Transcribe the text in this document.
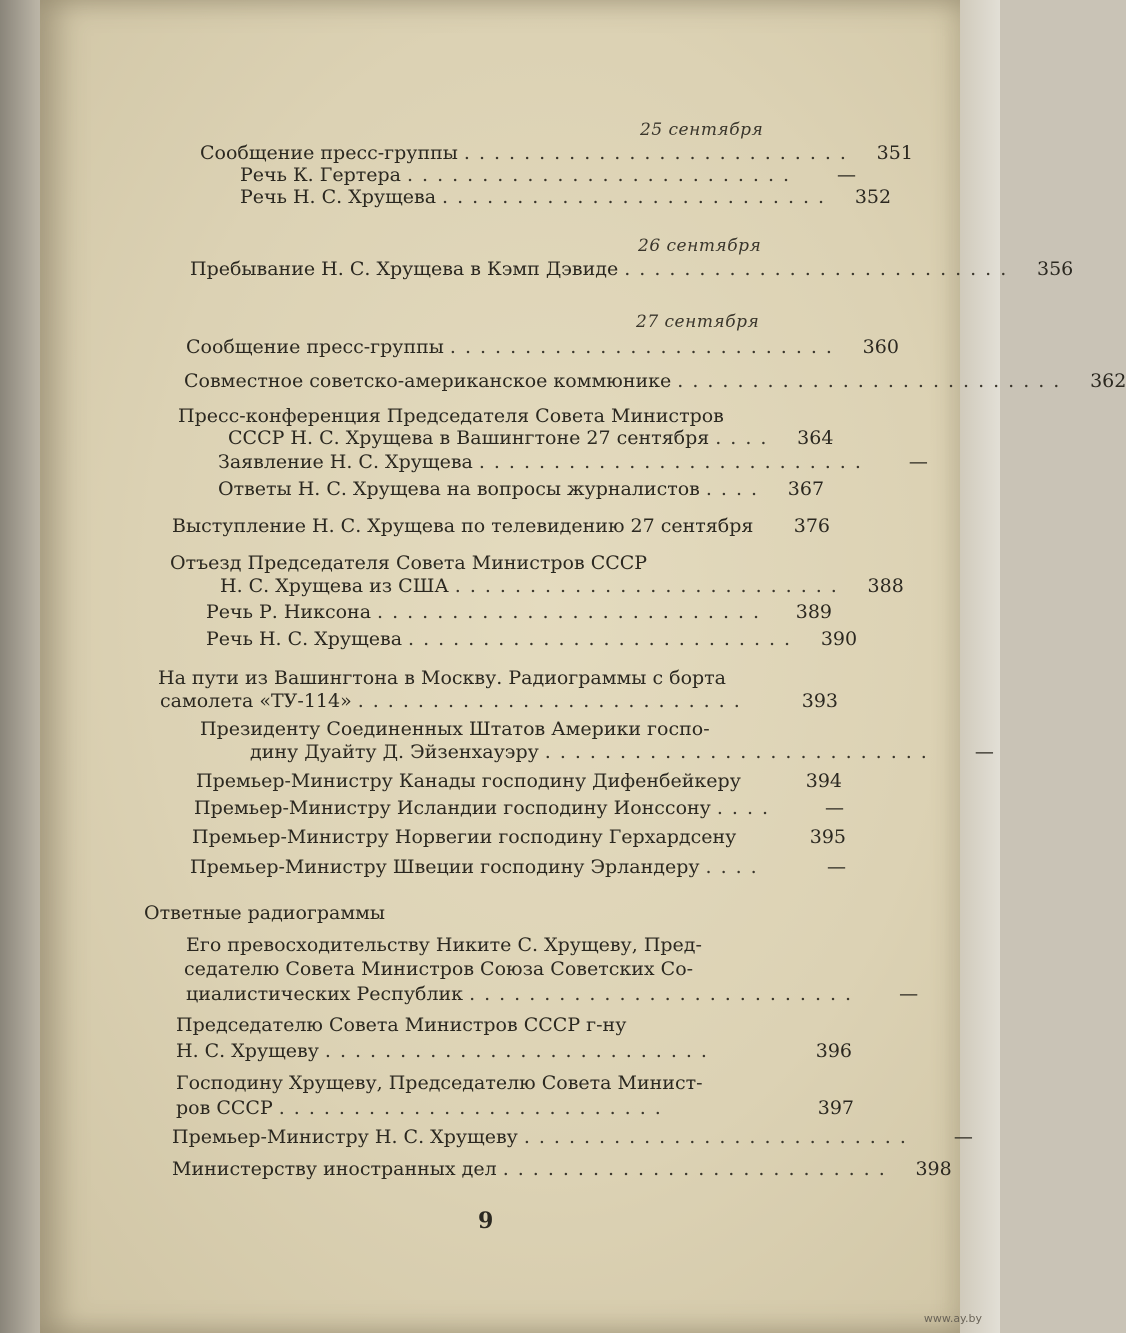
25 сентября
Сообщение пресс-группы ..........................	351
Речь К. Гертера ..........................	—
Речь Н. С. Хрущева ..........................	352
26 сентября
Пребывание Н. С. Хрущева в Кэмп Дэвиде ..........................	356
27 сентября
Сообщение пресс-группы ..........................	360
Совместное советско-американское коммюнике ..........................	362
Пресс-конференция Председателя Совета Министров
СССР Н. С. Хрущева в Вашингтоне 27 сентября ....	364
Заявление Н. С. Хрущева ..........................	—
Ответы Н. С. Хрущева на вопросы журналистов ....	367
Выступление Н. С. Хрущева по телевидению 27 сентября	376
Отъезд Председателя Совета Министров СССР
Н. С. Хрущева из США ..........................	388
Речь Р. Никсона ..........................	389
Речь Н. С. Хрущева ..........................	390
На пути из Вашингтона в Москву. Радиограммы с борта
самолета «ТУ-114» ..........................	393
Президенту Соединенных Штатов Америки госпо-
дину Дуайту Д. Эйзенхауэру ..........................	—
Премьер-Министру Канады господину Дифенбейкеру	394
Премьер-Министру Исландии господину Ионссону ....	—
Премьер-Министру Норвегии господину Герхардсену	395
Премьер-Министру Швеции господину Эрландеру ....	—
Ответные радиограммы
Его превосходительству Никите С. Хрущеву, Пред-
седателю Совета Министров Союза Советских Со-
циалистических Республик ..........................	—
Председателю Совета Министров СССР г-ну
Н. С. Хрущеву ..........................	396
Господину Хрущеву, Председателю Совета Минист-
ров СССР ..........................	397
Премьер-Министру Н. С. Хрущеву ..........................	—
Министерству иностранных дел ..........................	398
9
www.ay.by
